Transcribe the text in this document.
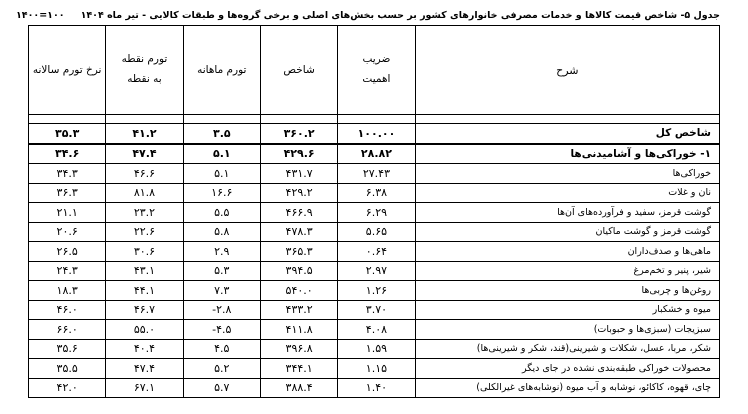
جدول ۵- شاخص قیمت کالاها و خدمات مصرفی خانوارهای کشور بر حسب بخش‌های اصلی و برخی گروه‌ها و طبقات کالایی - تیر ماه ۱۴۰۴
۱۴۰۰=۱۰۰
شرح	ضریب اهمیت	شاخص	تورم ماهانه	تورم نقطه به نقطه	نرخ تورم سالانه

شاخص کل	۱۰۰.۰۰	۳۶۰.۲	۳.۵	۴۱.۲	۳۵.۳
۱- خوراکی‌ها و آشامیدنی‌ها	۲۸.۸۲	۴۲۹.۶	۵.۱	۴۷.۴	۳۴.۶
خوراکی‌ها	۲۷.۴۳	۴۳۱.۷	۵.۱	۴۶.۶	۳۴.۳
نان و غلات	۶.۳۸	۴۲۹.۲	۱۶.۶	۸۱.۸	۳۶.۳
گوشت قرمز، سفید و فرآورده‌های آن‌ها	۶.۲۹	۴۶۶.۹	۵.۵	۲۳.۲	۲۱.۱
گوشت قرمز و گوشت ماکیان	۵.۶۵	۴۷۸.۳	۵.۸	۲۲.۶	۲۰.۶
ماهی‌ها و صدف‌داران	۰.۶۴	۳۶۵.۳	۲.۹	۳۰.۶	۲۶.۵
شیر، پنیر و تخم‌مرغ	۲.۹۷	۳۹۴.۵	۵.۳	۴۳.۱	۲۴.۳
روغن‌ها و چربی‌ها	۱.۲۶	۵۴۰.۰	۷.۳	۴۴.۱	۱۸.۳
میوه و خشکبار	۳.۷۰	۴۳۳.۲	۲.۸-	۴۶.۷	۴۶.۰
سبزیجات (سبزی‌ها و حبوبات)	۴.۰۸	۴۱۱.۸	۴.۵-	۵۵.۰	۶۶.۰
شکر، مربا، عسل، شکلات و شیرینی(قند، شکر و شیرینی‌ها)	۱.۵۹	۳۹۶.۸	۴.۵	۴۰.۴	۳۵.۶
محصولات خوراکی طبقه‌بندی نشده در جای دیگر	۱.۱۵	۳۴۴.۱	۵.۲	۴۷.۴	۳۵.۵
چای، قهوه، کاکائو، نوشابه و آب میوه (نوشابه‌های غیرالکلی)	۱.۴۰	۳۸۸.۴	۵.۷	۶۷.۱	۴۲.۰
